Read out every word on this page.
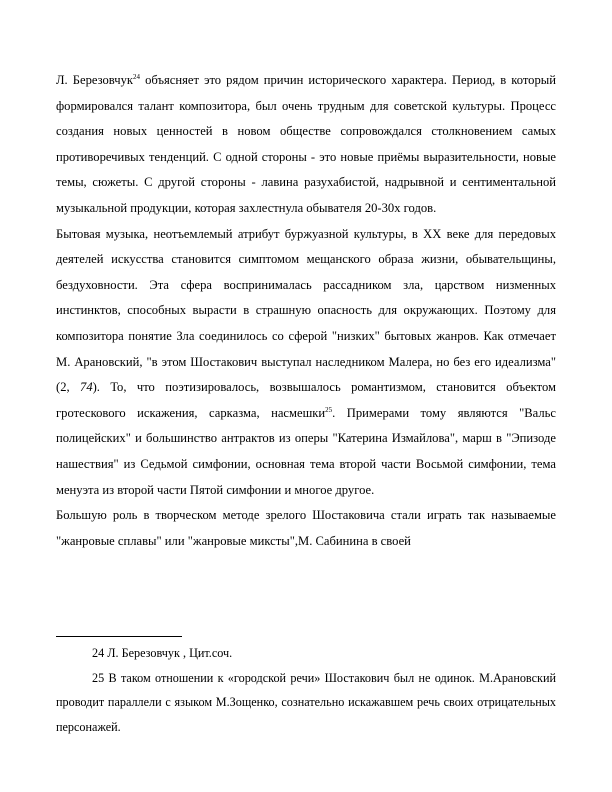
Л. Березовчук$^{24}$ объясняет это рядом причин исторического характера. Период, в который формировался талант композитора, был очень трудным для советской культуры. Процесс создания новых ценностей в новом обществе сопровождался столкновением самых противоречивых тенденций. С одной стороны - это новые приёмы выразительности, новые темы, сюжеты. С другой стороны - лавина разухабистой, надрывной и сентиментальной музыкальной продукции, которая захлестнула обывателя 20-30х годов.

Бытовая музыка, неотъемлемый атрибут буржуазной культуры, в XX веке для передовых деятелей искусства становится симптомом мещанского образа жизни, обывательщины, бездуховности. Эта сфера воспринималась рассадником зла, царством низменных инстинктов, способных вырасти в страшную опасность для окружающих. Поэтому для композитора понятие Зла соединилось со сферой "низких" бытовых жанров. Как отмечает М. Арановский, "в этом Шостакович выступал наследником Малера, но без его идеализма" (2, 74). То, что поэтизировалось, возвышалось романтизмом, становится объектом гротескового искажения, сарказма, насмешки$^{25}$. Примерами тому являются "Вальс полицейских" и большинство антрактов из оперы "Катерина Измайлова", марш в "Эпизоде нашествия" из Седьмой симфонии, основная тема второй части Восьмой симфонии, тема менуэта из второй части Пятой симфонии и многое другое.

Большую роль в творческом методе зрелого Шостаковича стали играть так называемые "жанровые сплавы" или "жанровые миксты",М. Сабинина в своей

24 Л. Березовчук , Цит.соч.

25 В таком отношении к «городской речи» Шостакович был не одинок. М.Арановский проводит параллели с языком М.Зощенко, сознательно искажавшем речь своих отрицательных персонажей.
